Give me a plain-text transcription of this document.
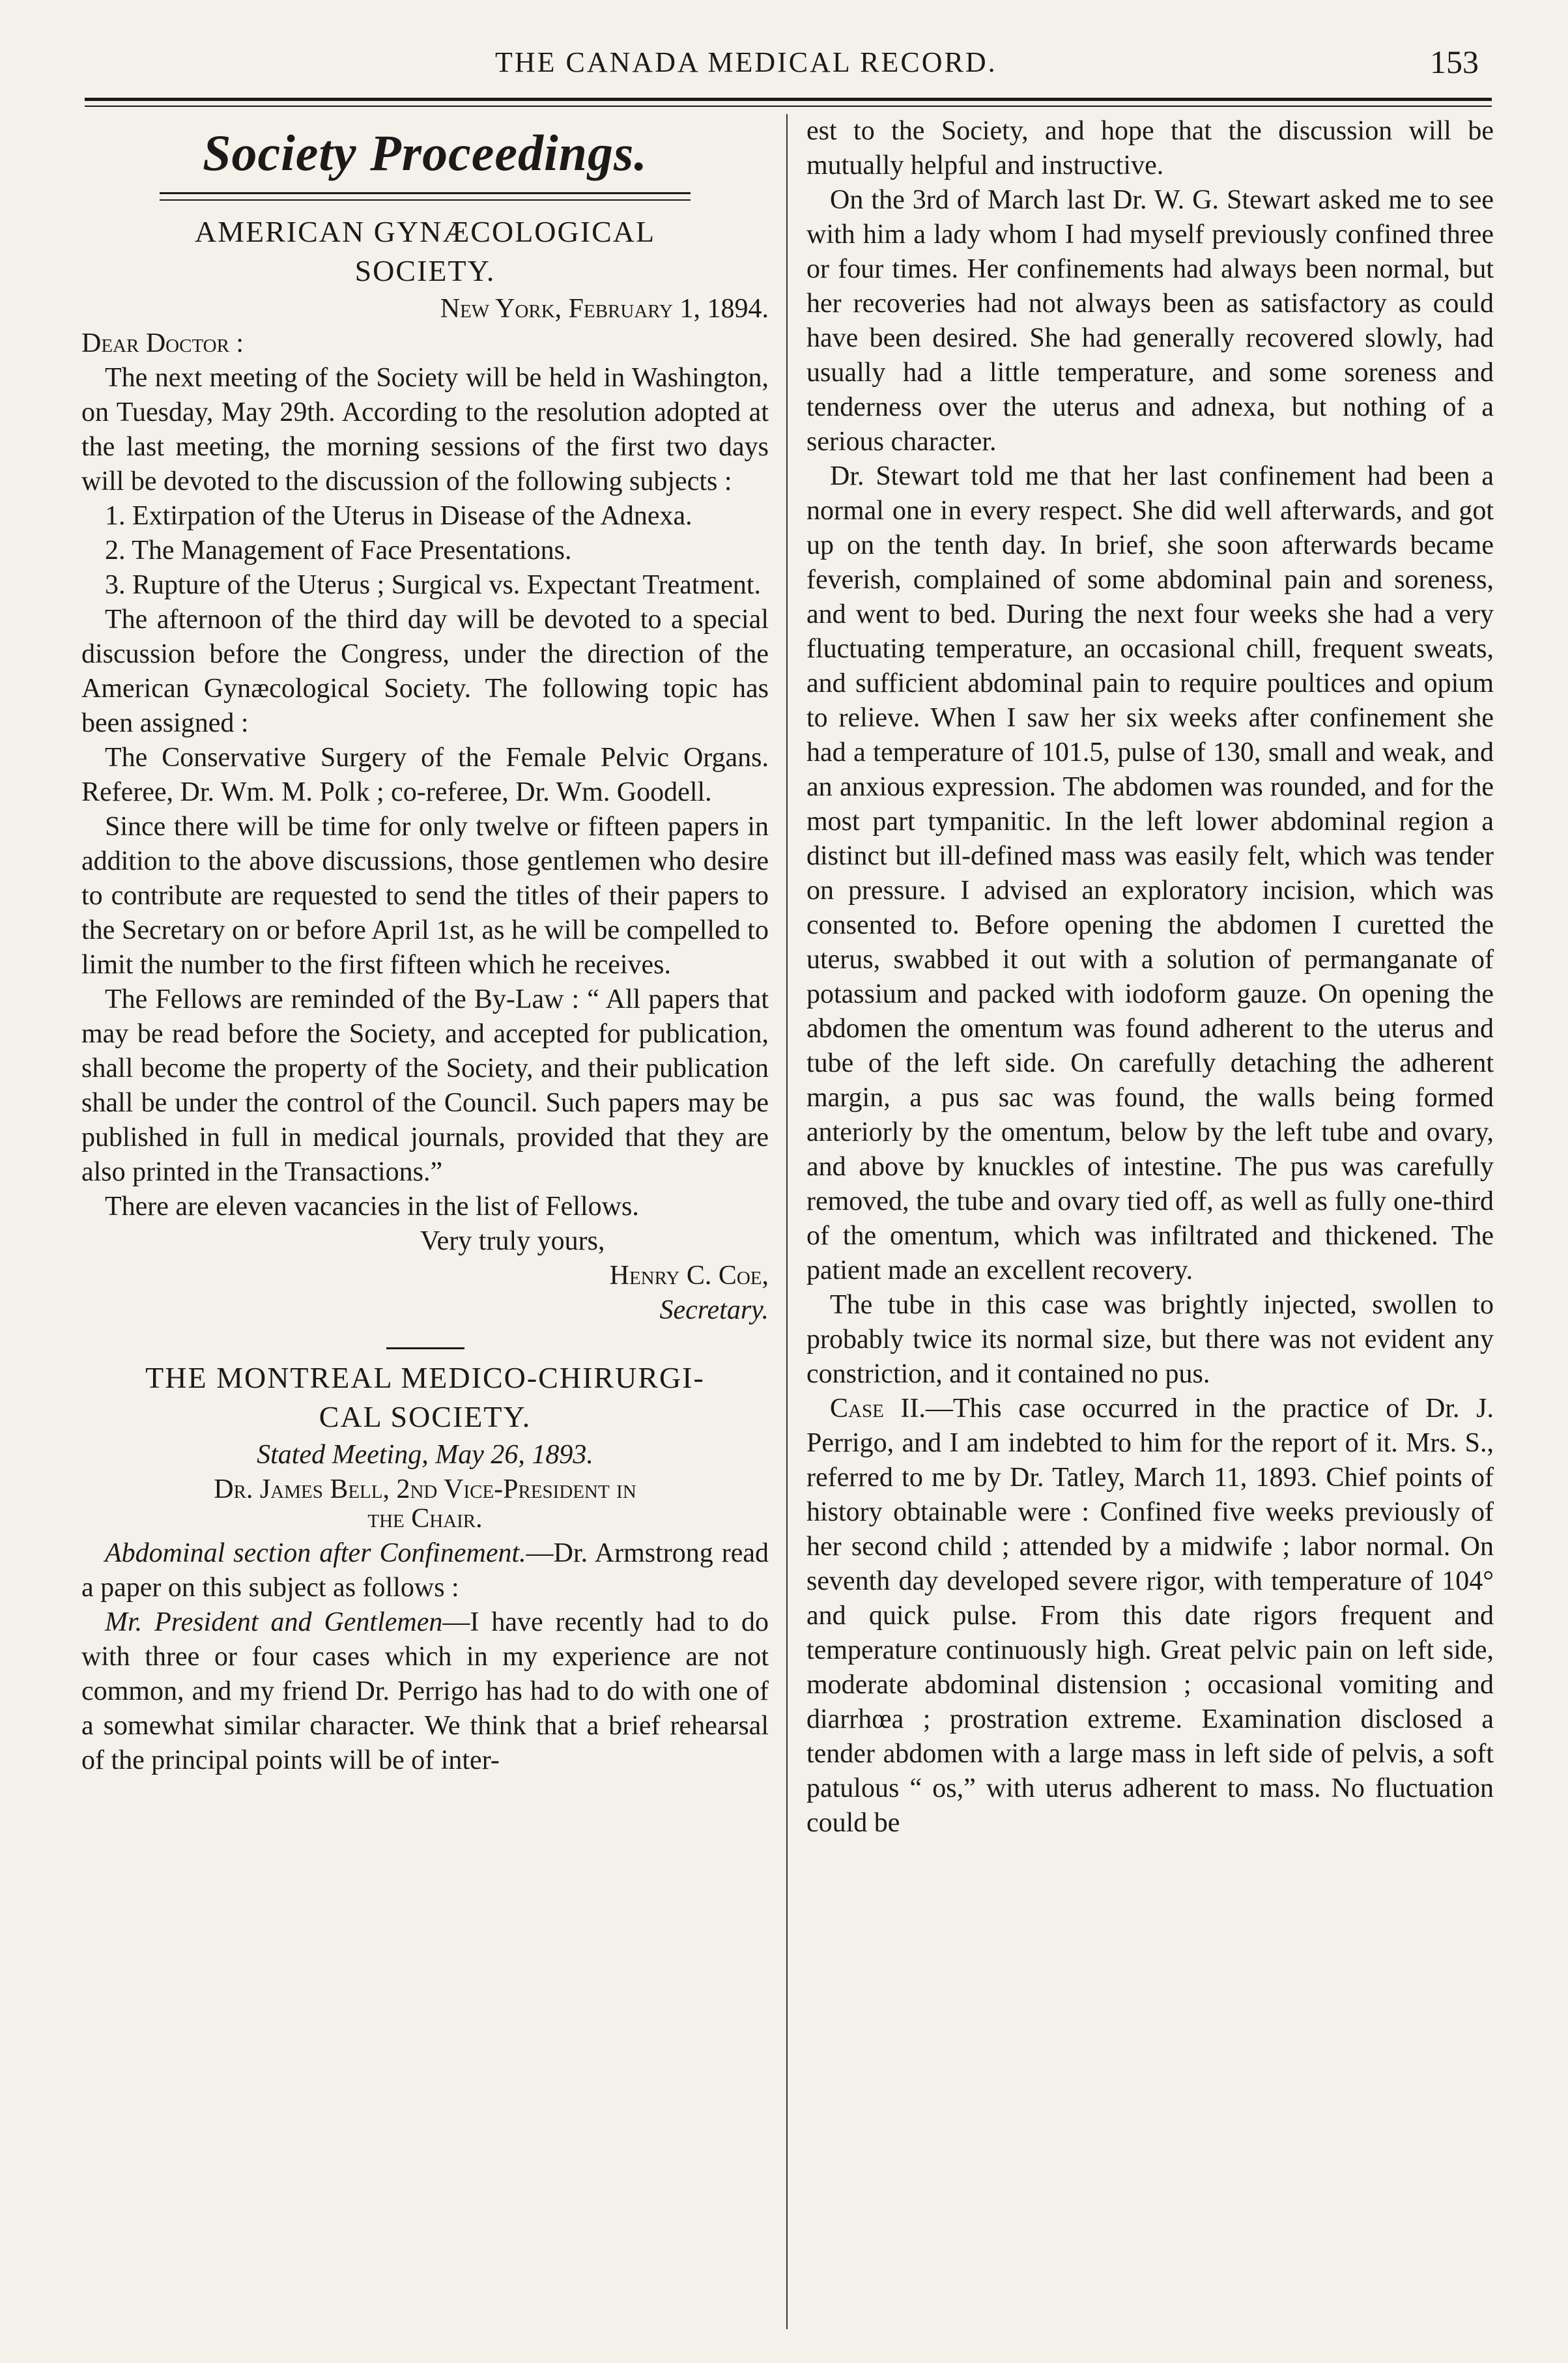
THE CANADA MEDICAL RECORD.	153
Society Proceedings.
AMERICAN GYNÆCOLOGICAL
SOCIETY.

New York, February 1, 1894.

Dear Doctor :

The next meeting of the Society will be held in Washington, on Tuesday, May 29th. According to the resolution adopted at the last meeting, the morning sessions of the first two days will be devoted to the discussion of the following subjects :

1. Extirpation of the Uterus in Disease of the Adnexa.

2. The Management of Face Presentations.

3. Rupture of the Uterus ; Surgical vs. Expectant Treatment.

The afternoon of the third day will be devoted to a special discussion before the Congress, under the direction of the American Gynæcological Society. The following topic has been assigned :

The Conservative Surgery of the Female Pelvic Organs. Referee, Dr. Wm. M. Polk ; co-referee, Dr. Wm. Goodell.

Since there will be time for only twelve or fifteen papers in addition to the above discussions, those gentlemen who desire to contribute are requested to send the titles of their papers to the Secretary on or before April 1st, as he will be compelled to limit the number to the first fifteen which he receives.

The Fellows are reminded of the By-Law : “ All papers that may be read before the Society, and accepted for publication, shall become the property of the Society, and their publication shall be under the control of the Council. Such papers may be published in full in medical journals, provided that they are also printed in the Transactions.”

There are eleven vacancies in the list of Fellows.

Very truly yours,

Henry C. Coe,

Secretary.

THE MONTREAL MEDICO-CHIRURGI-
CAL SOCIETY.

Stated Meeting, May 26, 1893.

Dr. James Bell, 2nd Vice-President in

the Chair.

Abdominal section after Confinement.—Dr. Armstrong read a paper on this subject as follows :

Mr. President and Gentlemen—I have recently had to do with three or four cases which in my experience are not common, and my friend Dr. Perrigo has had to do with one of a somewhat similar character. We think that a brief rehearsal of the principal points will be of inter-

est to the Society, and hope that the discussion will be mutually helpful and instructive.

On the 3rd of March last Dr. W. G. Stewart asked me to see with him a lady whom I had myself previously confined three or four times. Her confinements had always been normal, but her recoveries had not always been as satisfactory as could have been desired. She had generally recovered slowly, had usually had a little temperature, and some soreness and tenderness over the uterus and adnexa, but nothing of a serious character.

Dr. Stewart told me that her last confinement had been a normal one in every respect. She did well afterwards, and got up on the tenth day. In brief, she soon afterwards became feverish, complained of some abdominal pain and soreness, and went to bed. During the next four weeks she had a very fluctuating temperature, an occasional chill, frequent sweats, and sufficient abdominal pain to require poultices and opium to relieve. When I saw her six weeks after confinement she had a temperature of 101.5, pulse of 130, small and weak, and an anxious expression. The abdomen was rounded, and for the most part tympanitic. In the left lower abdominal region a distinct but ill-defined mass was easily felt, which was tender on pressure. I advised an exploratory incision, which was consented to. Before opening the abdomen I curetted the uterus, swabbed it out with a solution of permanganate of potassium and packed with iodoform gauze. On opening the abdomen the omentum was found adherent to the uterus and tube of the left side. On carefully detaching the adherent margin, a pus sac was found, the walls being formed anteriorly by the omentum, below by the left tube and ovary, and above by knuckles of intestine. The pus was carefully removed, the tube and ovary tied off, as well as fully one-third of the omentum, which was infiltrated and thickened. The patient made an excellent recovery.

The tube in this case was brightly injected, swollen to probably twice its normal size, but there was not evident any constriction, and it contained no pus.

Case II.—This case occurred in the practice of Dr. J. Perrigo, and I am indebted to him for the report of it. Mrs. S., referred to me by Dr. Tatley, March 11, 1893. Chief points of history obtainable were : Confined five weeks previously of her second child ; attended by a midwife ; labor normal. On seventh day developed severe rigor, with temperature of 104° and quick pulse. From this date rigors frequent and temperature continuously high. Great pelvic pain on left side, moderate abdominal distension ; occasional vomiting and diarrhœa ; prostration extreme. Examination disclosed a tender abdomen with a large mass in left side of pelvis, a soft patulous “ os,” with uterus adherent to mass. No fluctuation could be
